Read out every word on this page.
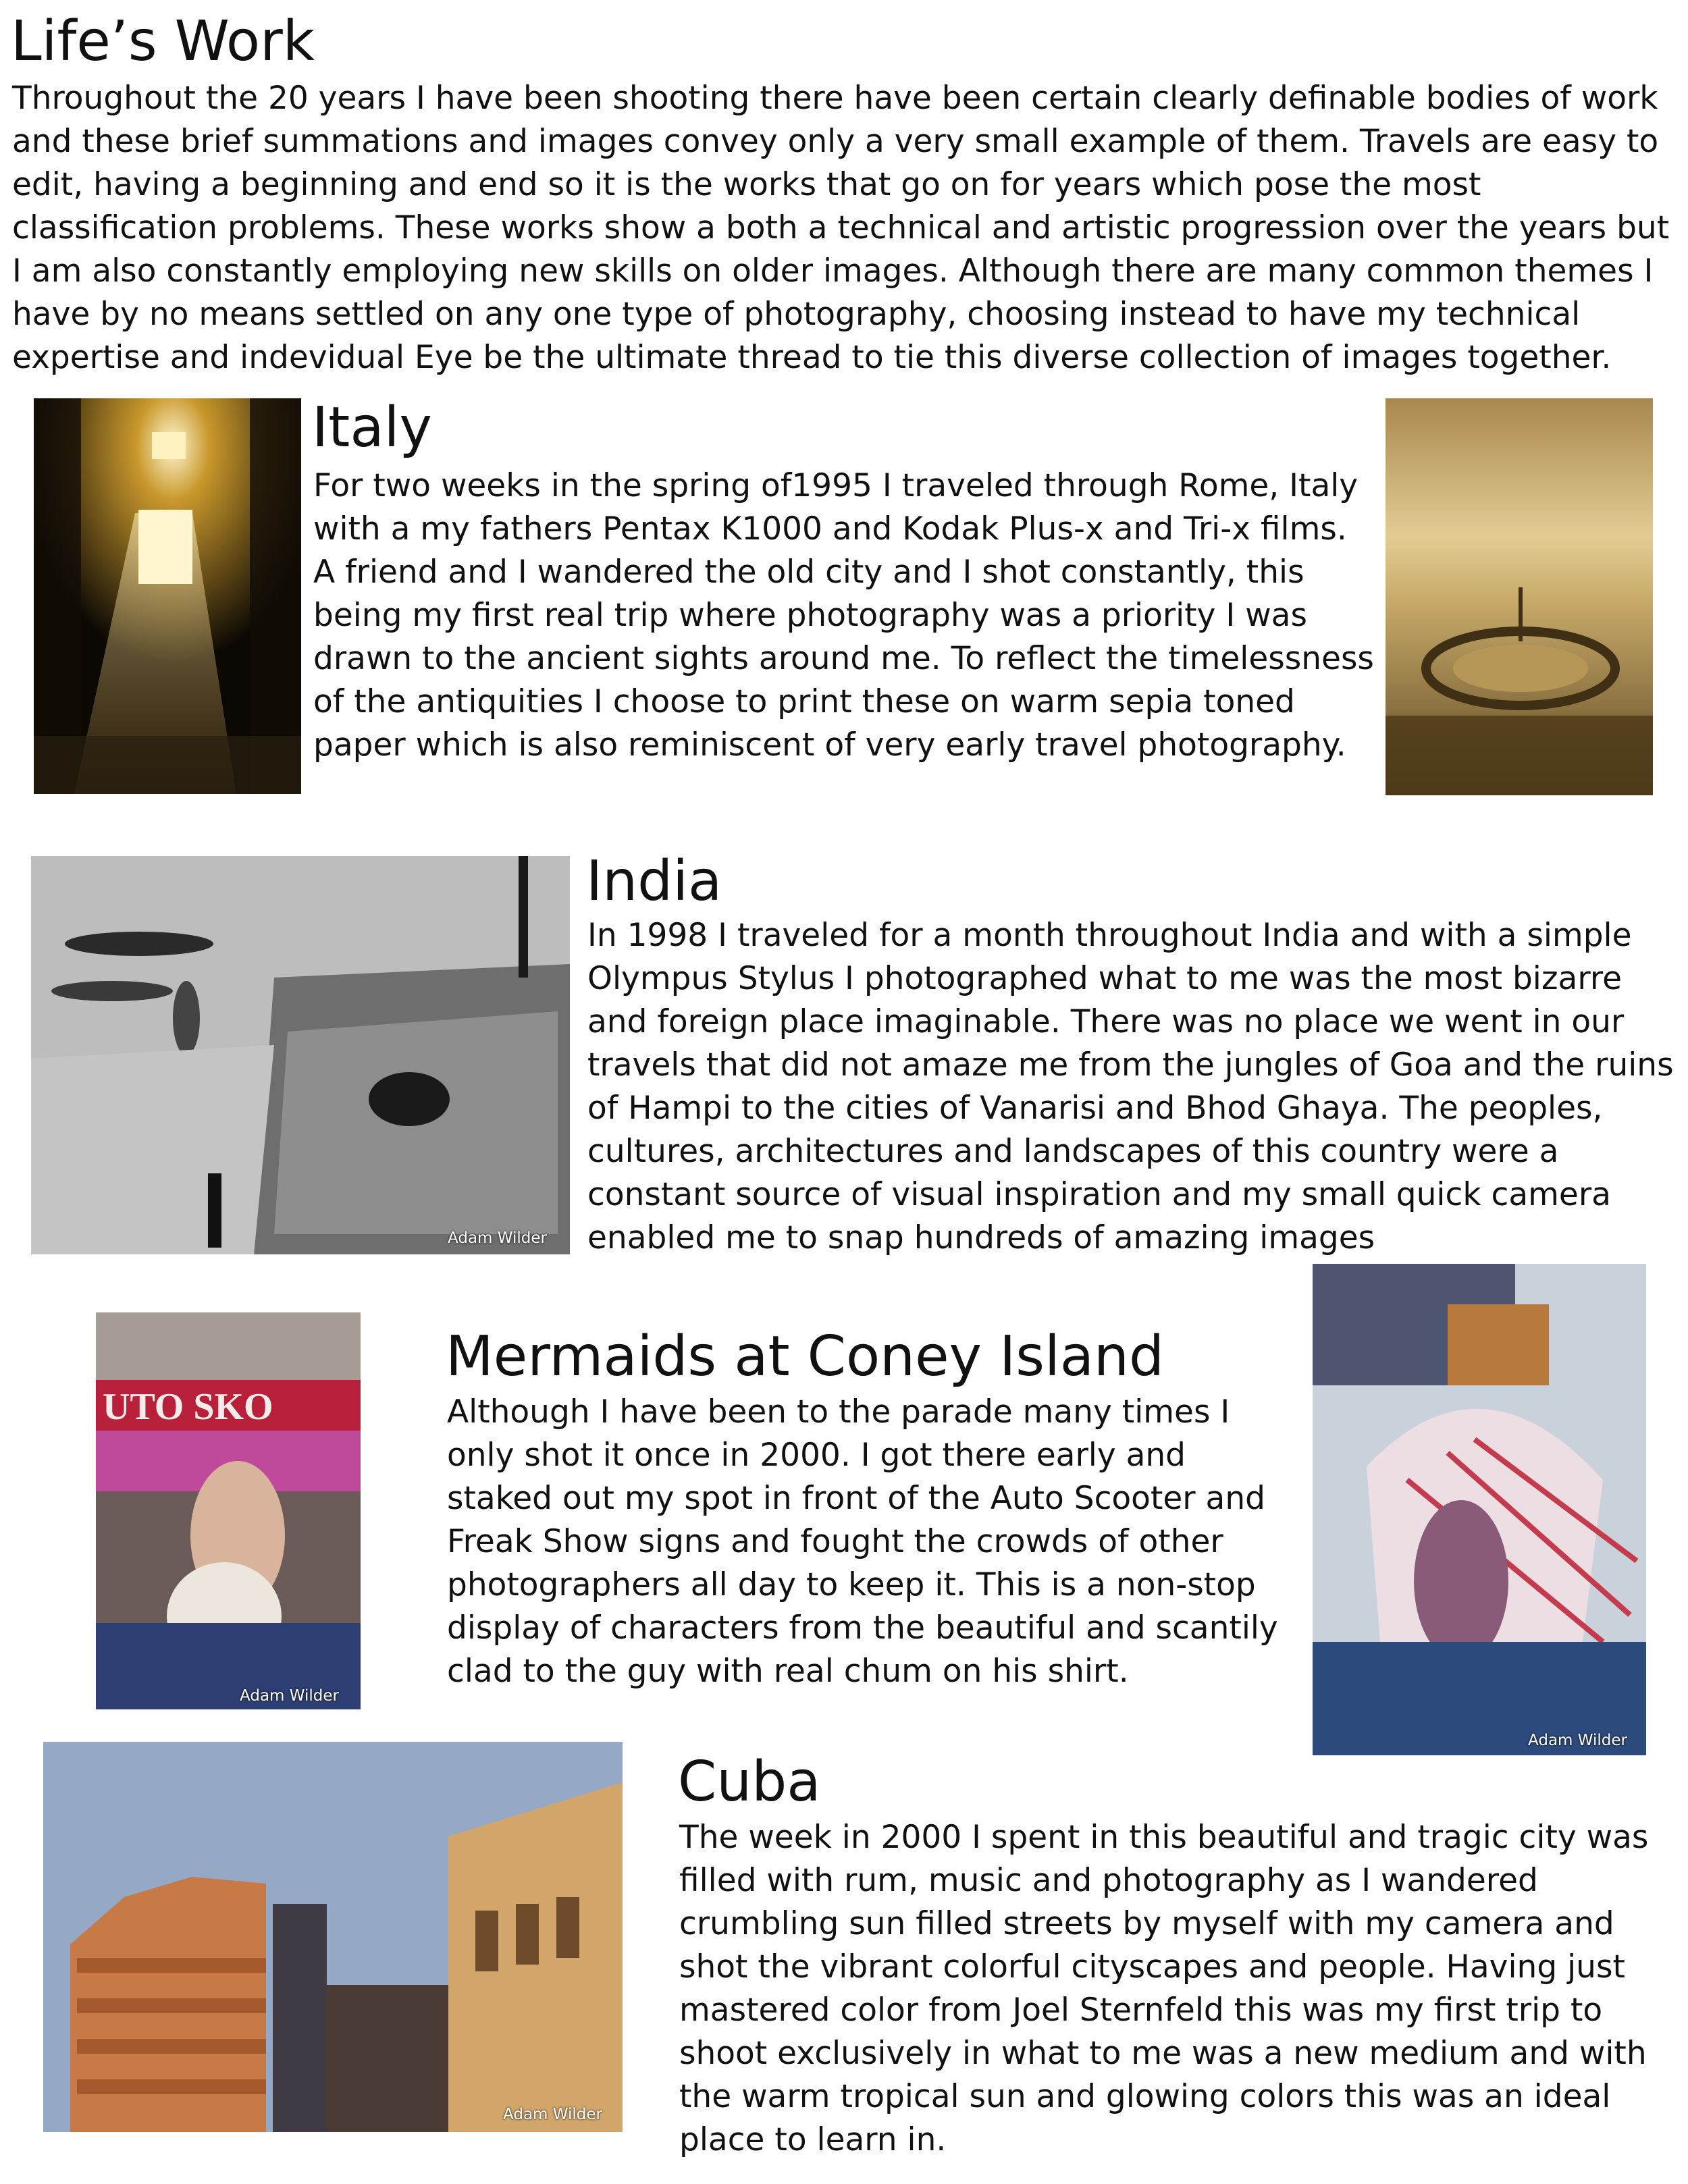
Life’s Work

Throughout the 20 years I have been shooting there have been certain clearly definable bodies of work and these brief summations and images convey only a very small example of them. Travels are easy to edit, having a beginning and end so it is the works that go on for years which pose the most classification problems. These works show a both a technical and artistic progression over the years but I am also constantly employing new skills on older images. Although there are many common themes I have by no means settled on any one type of photography, choosing instead to have my technical expertise and indevidual Eye be the ultimate thread to tie this diverse collection of images together.

Italy

For two weeks in the spring of1995 I traveled through Rome, Italy with a my fathers Pentax K1000 and Kodak Plus-x and Tri-x films. A friend and I wandered the old city and I shot constantly, this being my first real trip where photography was a priority I was drawn to the ancient sights around me. To reflect the timelessness of the antiquities I choose to print these on warm sepia toned paper which is also reminiscent of very early travel photography.

Adam Wilder
India

In 1998 I traveled for a month throughout India and with a simple Olympus Stylus I photographed what to me was the most bizarre and foreign place imaginable. There was no place we went in our travels that did not amaze me from the jungles of Goa and the ruins of Hampi to the cities of Vanarisi and Bhod Ghaya. The peoples, cultures, architectures and landscapes of this country were a constant source of visual inspiration and my small quick camera enabled me to snap hundreds of amazing images

UTO SKO
Adam Wilder
Mermaids at Coney Island

Although I have been to the parade many times I only shot it once in 2000. I got there early and staked out my spot in front of the Auto Scooter and Freak Show signs and fought the crowds of other photographers all day to keep it. This is a non-stop display of characters from the beautiful and scantily clad to the guy with real chum on his shirt.

Adam Wilder
Adam Wilder
Cuba

The week in 2000 I spent in this beautiful and tragic city was filled with rum, music and photography as I wandered crumbling sun filled streets by myself with my camera and shot the vibrant colorful cityscapes and people. Having just mastered color from Joel Sternfeld this was my first trip to shoot exclusively in what to me was a new medium and with the warm tropical sun and glowing colors this was an ideal place to learn in.
